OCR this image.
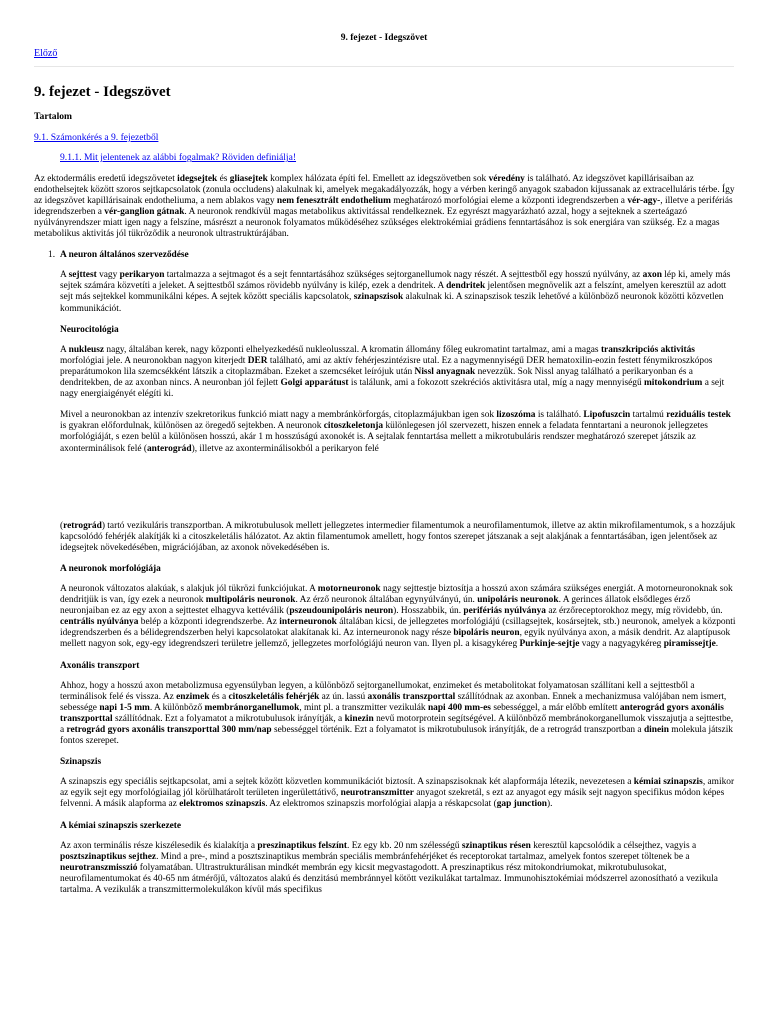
9. fejezet - Idegszövet
Előző
9. fejezet - Idegszövet
Tartalom
9.1. Számonkérés a 9. fejezetből
9.1.1. Mit jelentenek az alábbi fogalmak? Röviden definiálja!

Az ektodermális eredetű idegszövetet idegsejtek és gliasejtek komplex hálózata építi fel. Emellett az idegszövetben sok véredény is található. Az idegszövet kapillárisaiban az endothelsejtek között szoros sejtkapcsolatok (zonula occludens) alakulnak ki, amelyek megakadályozzák, hogy a vérben keringő anyagok szabadon kijussanak az extracelluláris térbe. Így az idegszövet kapillárisainak endotheliuma, a nem ablakos vagy nem fenesztrált endothelium meghatározó morfológiai eleme a központi idegrendszerben a vér-agy-, illetve a perifériás idegrendszerben a vér-ganglion gátnak. A neuronok rendkívül magas metabolikus aktivitással rendelkeznek. Ez egyrészt magyarázható azzal, hogy a sejteknek a szerteágazó nyúlványrendszer miatt igen nagy a felszíne, másrészt a neuronok folyamatos működéséhez szükséges elektrokémiai grádiens fenntartásához is sok energiára van szükség. Ez a magas metabolikus aktivitás jól tükröződik a neuronok ultrastruktúrájában.

1. A neuron általános szerveződése

A sejttest vagy perikaryon tartalmazza a sejtmagot és a sejt fenntartásához szükséges sejtorganellumok nagy részét. A sejttestből egy hosszú nyúlvány, az axon lép ki, amely más sejtek számára közvetíti a jeleket. A sejttestből számos rövidebb nyúlvány is kilép, ezek a dendritek. A dendritek jelentősen megnövelik azt a felszínt, amelyen keresztül az adott sejt más sejtekkel kommunikálni képes. A sejtek között speciális kapcsolatok, szinapszisok alakulnak ki. A szinapszisok teszik lehetővé a különböző neuronok közötti közvetlen kommunikációt.

Neurocitológia

A nukleusz nagy, általában kerek, nagy központi elhelyezkedésű nukleolusszal. A kromatin állomány főleg eukromatint tartalmaz, ami a magas transzkripciós aktivitás morfológiai jele. A neuronokban nagyon kiterjedt DER található, ami az aktív fehérjeszintézisre utal. Ez a nagymennyiségű DER hematoxilin-eozin festett fénymikroszkópos preparátumokon lila szemcsékként látszik a citoplazmában. Ezeket a szemcséket leírójuk után Nissl anyagnak nevezzük. Sok Nissl anyag található a perikaryonban és a dendritekben, de az axonban nincs. A neuronban jól fejlett Golgi apparátust is találunk, ami a fokozott szekréciós aktivitásra utal, míg a nagy mennyiségű mitokondrium a sejt nagy energiaigényét elégíti ki.

Mivel a neuronokban az intenzív szekretorikus funkció miatt nagy a membránkörforgás, citoplazmájukban igen sok lizoszóma is található. Lipofuszcin tartalmú reziduális testek is gyakran előfordulnak, különösen az öregedő sejtekben. A neuronok citoszkeletonja különlegesen jól szervezett, hiszen ennek a feladata fenntartani a neuronok jellegzetes morfológiáját, s ezen belül a különösen hosszú, akár 1 m hosszúságú axonokét is. A sejtalak fenntartása mellett a mikrotubuláris rendszer meghatározó szerepet játszik az axonterminálisok felé (anterográd), illetve az axonterminálisokból a perikaryon felé

(retrográd) tartó vezikuláris transzportban. A mikrotubulusok mellett jellegzetes intermedier filamentumok a neurofilamentumok, illetve az aktin mikrofilamentumok, s a hozzájuk kapcsolódó fehérjék alakítják ki a citoszkeletális hálózatot. Az aktin filamentumok amellett, hogy fontos szerepet játszanak a sejt alakjának a fenntartásában, igen jelentősek az idegsejtek növekedésében, migrációjában, az axonok növekedésében is.

A neuronok morfológiája

A neuronok változatos alakúak, s alakjuk jól tükrözi funkciójukat. A motorneuronok nagy sejttestje biztosítja a hosszú axon számára szükséges energiát. A motorneuronoknak sok dendritjük is van, így ezek a neuronok multipoláris neuronok. Az érző neuronok általában egynyúlványú, ún. unipoláris neuronok. A gerinces állatok elsődleges érző neuronjaiban ez az egy axon a sejttestet elhagyva kettéválik (pszeudounipoláris neuron). Hosszabbik, ún. perifériás nyúlványa az érzőreceptorokhoz megy, míg rövidebb, ún. centrális nyúlványa belép a központi idegrendszerbe. Az interneuronok általában kicsi, de jellegzetes morfológiájú (csillagsejtek, kosársejtek, stb.) neuronok, amelyek a központi idegrendszerben és a bélidegrendszerben helyi kapcsolatokat alakítanak ki. Az interneuronok nagy része bipoláris neuron, egyik nyúlványa axon, a másik dendrit. Az alaptípusok mellett nagyon sok, egy-egy idegrendszeri területre jellemző, jellegzetes morfológiájú neuron van. Ilyen pl. a kisagykéreg Purkinje-sejtje vagy a nagyagykéreg piramissejtje.

Axonális transzport

Ahhoz, hogy a hosszú axon metabolizmusa egyensúlyban legyen, a különböző sejtorganellumokat, enzimeket és metabolitokat folyamatosan szállítani kell a sejttestből a terminálisok felé és vissza. Az enzimek és a citoszkeletális fehérjék az ún. lassú axonális transzporttal szállítódnak az axonban. Ennek a mechanizmusa valójában nem ismert, sebessége napi 1-5 mm. A különböző membránorganellumok, mint pl. a transzmitter vezikulák napi 400 mm-es sebességgel, a már előbb említett anterográd gyors axonális transzporttal szállítódnak. Ezt a folyamatot a mikrotubulusok irányítják, a kinezin nevű motorprotein segítségével. A különböző membránokorganellumok visszajutja a sejttestbe, a retrográd gyors axonális transzporttal 300 mm/nap sebességgel történik. Ezt a folyamatot is mikrotubulusok irányítják, de a retrográd transzportban a dinein molekula játszik fontos szerepet.

Szinapszis

A szinapszis egy speciális sejtkapcsolat, ami a sejtek között közvetlen kommunikációt biztosít. A szinapszisoknak két alapformája létezik, nevezetesen a kémiai szinapszis, amikor az egyik sejt egy morfológiailag jól körülhatárolt területen ingerülettátivő, neurotranszmitter anyagot szekretál, s ezt az anyagot egy másik sejt nagyon specifikus módon képes felvenni. A másik alapforma az elektromos szinapszis. Az elektromos szinapszis morfológiai alapja a réskapcsolat (gap junction).

A kémiai szinapszis szerkezete

Az axon terminális része kiszélesedik és kialakítja a preszinaptikus felszínt. Ez egy kb. 20 nm szélességű szinaptikus résen keresztül kapcsolódik a célsejthez, vagyis a posztszinaptikus sejthez. Mind a pre-, mind a posztszinaptikus membrán speciális membránfehérjéket és receptorokat tartalmaz, amelyek fontos szerepet töltenek be a neurotranszmisszió folyamatában. Ultrastrukturálisan mindkét membrán egy kicsit megvastagodott. A preszinaptikus rész mitokondriumokat, mikrotubulusokat, neurofilamentumokat és 40-65 nm átmérőjű, változatos alakú és denzitású membránnyel kötött vezikulákat tartalmaz. Immunohisztokémiai módszerrel azonosítható a vezikula tartalma. A vezikulák a transzmittermolekulákon kívül más specifikus
